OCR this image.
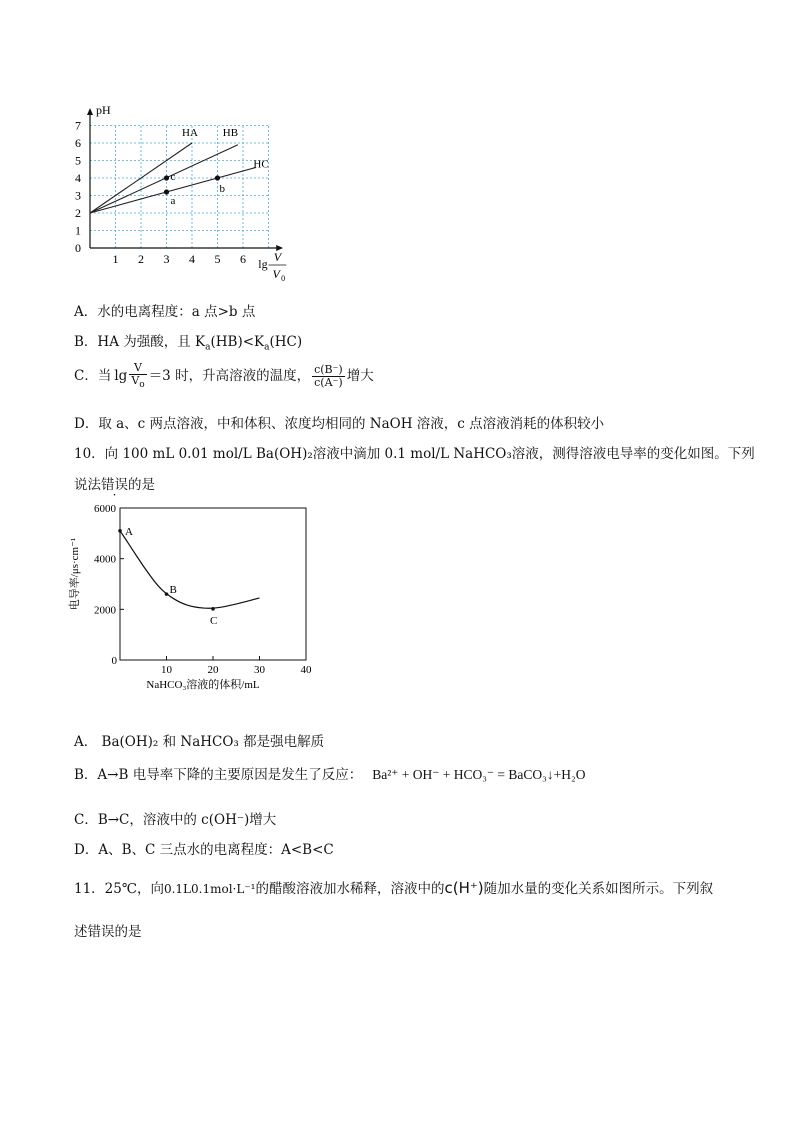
pH
0
1
2
3
4
5
6
7
1 2 3 4 5 6 lg V
V 0
HA HB
HC
a
c
b
A．水的电离程度：a 点>b 点
B．HA 为强酸，且 $K_a(HB)<K_a(HC)$
C．当 $\lg \frac{V}{V_o} =3$ 时，升高溶液的温度， $\frac{c(B^-)}{c(A^-)}$ 增大
D．取 a、c 两点溶液，中和体积、浓度均相同的 NaOH 溶液，c 点溶液消耗的体积较小
10．向 100 mL 0.01 mol/L Ba(OH)₂溶液中滴加 0.1 mol/L NaHCO₃溶液，测得溶液电导率的变化如图。下列
说法错误的是
2000
4000
6000
10	20	30	40
0
NaHCO₃溶液的体积/mL
电导率/μs·cm⁻¹
A
B
C
A． Ba(OH)₂ 和 NaHCO₃ 都是强电解质
B．A→B 电导率下降的主要原因是发生了反应： Ba²⁺ + OH⁻ + HCO₃⁻ = BaCO₃↓+H₂O
C．B→C，溶液中的 c(OH⁻)增大
D．A、B、C 三点水的电离程度：A<B<C
11．25℃，向0.1L0.1mol·L⁻¹的醋酸溶液加水稀释，溶液中的c(H⁺)随加水量的变化关系如图所示。下列叙
述错误的是
